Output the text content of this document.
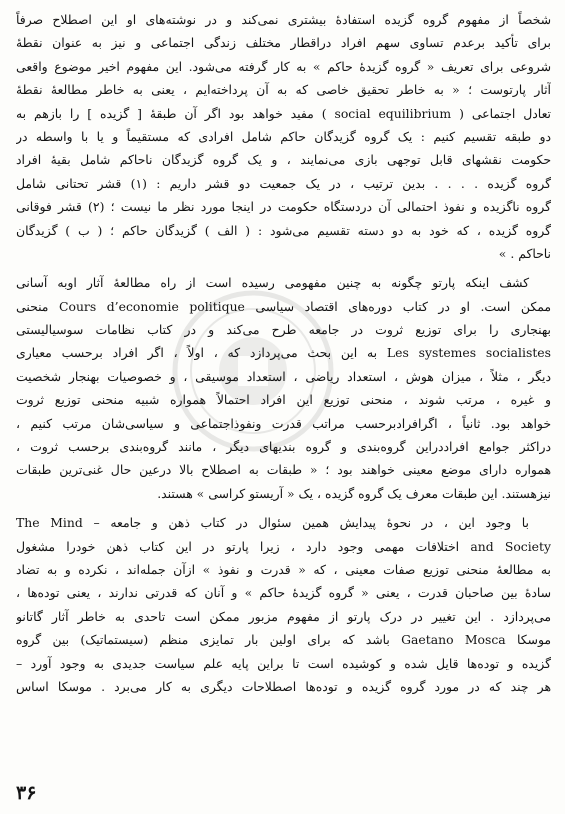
شخصاً از مفهوم گروه گزیده استفادهٔ بیشتری نمی‌کند و در نوشته‌های او این اصطلاح صرفاً
برای تأکید برعدم تساوی سهم افراد دراقطار مختلف زندگی اجتماعی و نیز به عنوان نقطهٔ
شروعی برای تعریف « گروه گزیدهٔ حاکم » به کار گرفته می‌شود. این مفهوم اخیر موضوع واقعی
آثار پارتوست ؛ « به خاطر تحقیق خاصی که به آن پرداخته‌ایم ، یعنی به خاطر مطالعهٔ نقطهٔ
تعادل اجتماعی ( social equilibrium ) مفید خواهد بود اگر آن طبقهٔ [ گزیده ] را بازهم به
دو طبقه تقسیم کنیم : یک گروه گزیدگان حاکم شامل افرادی که مستقیماً و یا با واسطه در
حکومت نقشهای قابل توجهی بازی می‌نمایند ، و یک گروه گزیدگان ناحاکم شامل بقیهٔ افراد
گروه گزیده . . . . بدین ترتیب ، در یک جمعیت دو قشر داریم : (۱) قشر تحتانی شامل
گروه ناگزیده و نفوذ احتمالی آن دردستگاه حکومت در اینجا مورد نظر ما نیست ؛ (۲) قشر فوقانی
گروه گزیده ، که خود به دو دسته تقسیم می‌شود : ( الف ) گزیدگان حاکم ؛ ( ب ) گزیدگان
ناحاکم . »
کشف اینکه پارتو چگونه به چنین مفهومی رسیده است از راه مطالعهٔ آثار اوبه آسانی
ممکن است. او در کتاب دوره‌های اقتصاد سیاسی Cours d’economie politique منحنی
بهنجاری را برای توزیع ثروت در جامعه طرح می‌کند و در کتاب نظامات سوسیالیستی
Les systemes socialistes به این بحث می‌پردازد که ، اولاً ، اگر افراد برحسب معیاری
دیگر ، مثلاً ، میزان هوش ، استعداد ریاضی ، استعداد موسیقی ، و خصوصیات بهنجار شخصیت
و غیره ، مرتب شوند ، منحنی توزیع این افراد احتمالاً همواره شبیه منحنی توزیع ثروت
خواهد بود. ثانیاً ، اگرافرادبرحسب مراتب قدرت ونفوذاجتماعی و سیاسی‌شان مرتب کنیم ،
دراکثر جوامع افراددراین گروه‌بندی و گروه بندیهای دیگر ، مانند گروه‌بندی برحسب ثروت ،
همواره دارای موضع معینی خواهند بود ؛ « طبقات به اصطلاح بالا درعین حال غنی‌ترین طبقات
نیزهستند. این طبقات معرف یک گروه گزیده ، یک « آریستو کراسی » هستند.
با وجود این ، در نحوهٔ پیدایش همین سئوال در کتاب ذهن و جامعه – The Mind
and Society اختلافات مهمی وجود دارد ، زیرا پارتو در این کتاب ذهن خودرا مشغول
به مطالعهٔ منحنی توزیع صفات معینی ، که « قدرت و نفوذ » ازآن جمله‌اند ، نکرده و به تضاد
سادهٔ بین صاحبان قدرت ، یعنی « گروه گزیدهٔ حاکم » و آنان که قدرتی ندارند ، یعنی توده‌ها ،
می‌پردازد . این تغییر در درک پارتو از مفهوم مزبور ممکن است تاحدی به خاطر آثار گاتانو
موسکا Gaetano Mosca باشد که برای اولین بار تمایزی منظم (سیستماتیک) بین گروه
گزیده و توده‌ها قایل شده و کوشیده است تا براین پایه علم سیاست جدیدی به وجود آورد –
هر چند که در مورد گروه گزیده و توده‌ها اصطلاحات دیگری به کار می‌برد . موسکا اساس
۳۶
